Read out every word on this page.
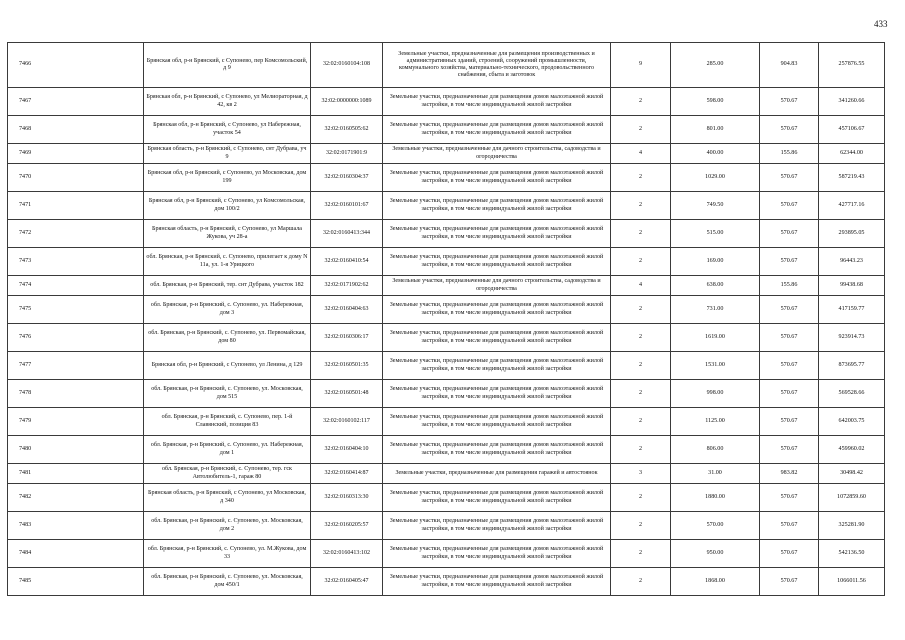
433
7466	Брянская обл, р-н Брянский, с Супонево, пер Комсомольский, д 9	32:02:0160104:108	Земельные участки, предназначенные для размещения производственных и административных зданий, строений, сооружений промышленности, коммунального хозяйства, материально-технического, продовольственного снабжения, сбыта и заготовок	9	285.00	904.83	257876.55
7467	Брянская обл, р-н Брянский, с Супонево, ул Мелиораторная, д 42, кв 2	32:02:0000000:1089	Земельные участки, предназначенные для размещения домов малоэтажной жилой застройки, в том числе индивидуальной жилой застройки	2	598.00	570.67	341260.66
7468	Брянская обл, р-н Брянский, с Супонево, ул Набережная, участок 54	32:02:0160505:62	Земельные участки, предназначенные для размещения домов малоэтажной жилой застройки, в том числе индивидуальной жилой застройки	2	801.00	570.67	457106.67
7469	Брянская область, р-н Брянский, с Супонево, снт Дубрава, уч 9	32:02:0171901:9	Земельные участки, предназначенные для дачного строительства, садоводства и огородничества	4	400.00	155.86	62344.00
7470	Брянская обл, р-н Брянский, с Супонево, ул Московская, дом 199	32:02:0160304:37	Земельные участки, предназначенные для размещения домов малоэтажной жилой застройки, в том числе индивидуальной жилой застройки	2	1029.00	570.67	587219.43
7471	Брянская обл, р-н Брянский, с Супонево, ул Комсомольская, дом 100/2	32:02:0160101:67	Земельные участки, предназначенные для размещения домов малоэтажной жилой застройки, в том числе индивидуальной жилой застройки	2	749.50	570.67	427717.16
7472	Брянская область, р-н Брянский, с Супонево, ул Маршала Жукова, уч 28-а	32:02:0160413:344	Земельные участки, предназначенные для размещения домов малоэтажной жилой застройки, в том числе индивидуальной жилой застройки	2	515.00	570.67	293895.05
7473	обл. Брянская, р-н Брянский, с. Супонево, прилегает к дому N 11а, ул. 1-я Урицкого	32:02:0160410:54	Земельные участки, предназначенные для размещения домов малоэтажной жилой застройки, в том числе индивидуальной жилой застройки	2	169.00	570.67	96443.23
7474	обл. Брянская, р-н Брянский, тер. снт Дубрава, участок 182	32:02:0171902:62	Земельные участки, предназначенные для дачного строительства, садоводства и огородничества	4	638.00	155.86	99438.68
7475	обл. Брянская, р-н Брянский, с. Супонево, ул. Набережная, дом 3	32:02:0160404:63	Земельные участки, предназначенные для размещения домов малоэтажной жилой застройки, в том числе индивидуальной жилой застройки	2	731.00	570.67	417159.77
7476	обл. Брянская, р-н Брянский, с. Супонево, ул. Первомайская, дом 80	32:02:0160306:17	Земельные участки, предназначенные для размещения домов малоэтажной жилой застройки, в том числе индивидуальной жилой застройки	2	1619.00	570.67	923914.73
7477	Брянская обл, р-н Брянский, с Супонево, ул Ленина, д 129	32:02:0160501:35	Земельные участки, предназначенные для размещения домов малоэтажной жилой застройки, в том числе индивидуальной жилой застройки	2	1531.00	570.67	873695.77
7478	обл. Брянская, р-н Брянский, с. Супонево, ул. Московская, дом 515	32:02:0160501:48	Земельные участки, предназначенные для размещения домов малоэтажной жилой застройки, в том числе индивидуальной жилой застройки	2	998.00	570.67	569528.66
7479	обл. Брянская, р-н Брянский, с. Супонево, пер. 1-й Славянский, позиция 83	32:02:0160102:117	Земельные участки, предназначенные для размещения домов малоэтажной жилой застройки, в том числе индивидуальной жилой застройки	2	1125.00	570.67	642003.75
7480	обл. Брянская, р-н Брянский, с. Супонево, ул. Набережная, дом 1	32:02:0160404:10	Земельные участки, предназначенные для размещения домов малоэтажной жилой застройки, в том числе индивидуальной жилой застройки	2	806.00	570.67	459960.02
7481	обл. Брянская, р-н Брянский, с. Супонево, тер. гск Автолюбитель-1, гараж 80	32:02:0160414:87	Земельные участки, предназначенные для размещения гаражей и автостоянок	3	31.00	983.82	30498.42
7482	Брянская область, р-н Брянский, с Супонево, ул Московская, д 340	32:02:0160313:30	Земельные участки, предназначенные для размещения домов малоэтажной жилой застройки, в том числе индивидуальной жилой застройки	2	1880.00	570.67	1072859.60
7483	обл. Брянская, р-н Брянский, с. Супонево, ул. Московская, дом 2	32:02:0160205:57	Земельные участки, предназначенные для размещения домов малоэтажной жилой застройки, в том числе индивидуальной жилой застройки	2	570.00	570.67	325281.90
7484	обл. Брянская, р-н Брянский, с. Супонево, ул. М.Жукова, дом 33	32:02:0160413:102	Земельные участки, предназначенные для размещения домов малоэтажной жилой застройки, в том числе индивидуальной жилой застройки	2	950.00	570.67	542136.50
7485	обл. Брянская, р-н Брянский, с. Супонево, ул. Московская, дом 450/1	32:02:0160405:47	Земельные участки, предназначенные для размещения домов малоэтажной жилой застройки, в том числе индивидуальной жилой застройки	2	1868.00	570.67	1066011.56
